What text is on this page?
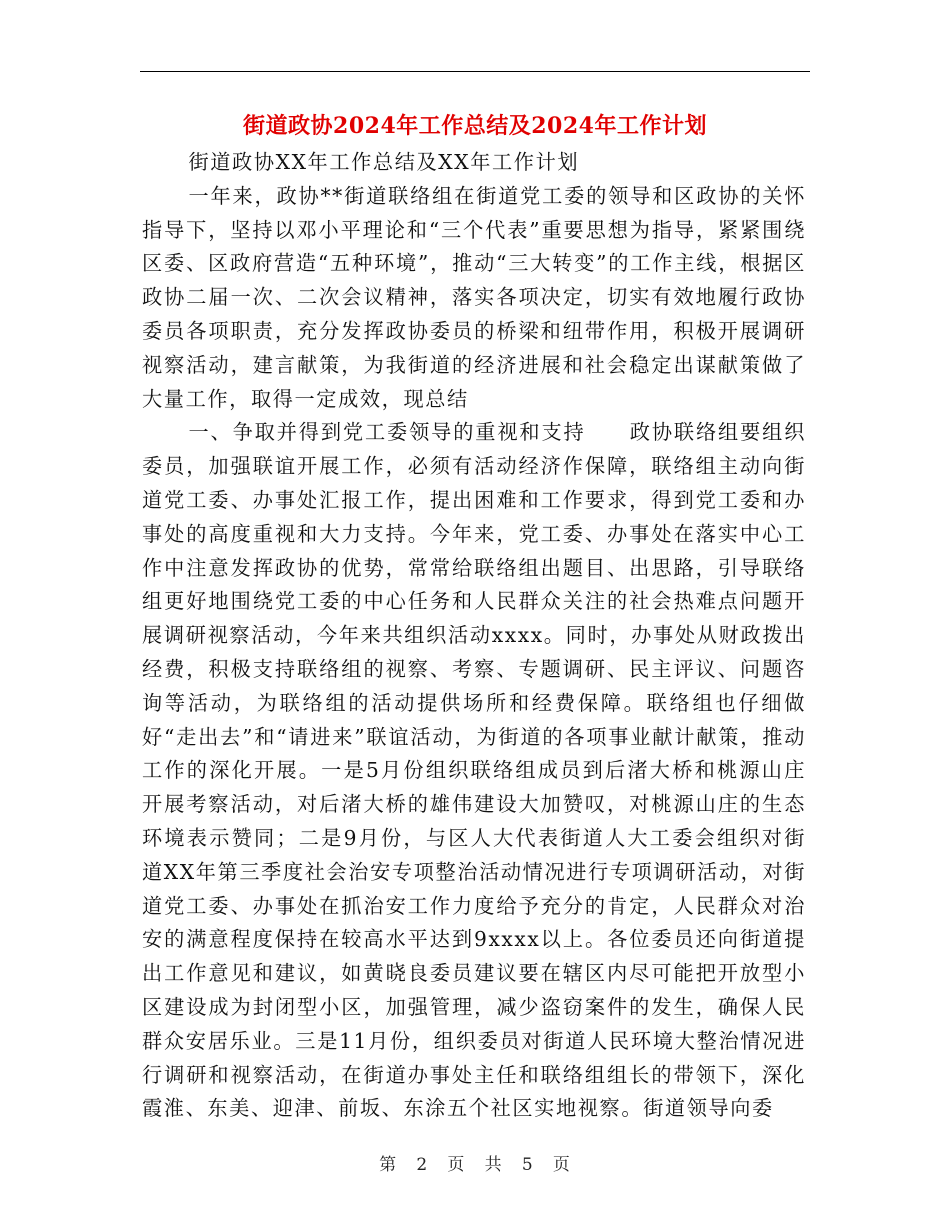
街道政协2024年工作总结及2024年工作计划

街道政协XX年工作总结及XX年工作计划

一年来，政协**街道联络组在街道党工委的领导和区政协的关怀指导下，坚持以邓小平理论和“三个代表”重要思想为指导，紧紧围绕区委、区政府营造“五种环境”，推动“三大转变”的工作主线，根据区政协二届一次、二次会议精神，落实各项决定，切实有效地履行政协委员各项职责，充分发挥政协委员的桥梁和纽带作用，积极开展调研视察活动，建言献策，为我街道的经济进展和社会稳定出谋献策做了大量工作，取得一定成效，现总结

一、争取并得到党工委领导的重视和支持　　政协联络组要组织委员，加强联谊开展工作，必须有活动经济作保障，联络组主动向街道党工委、办事处汇报工作，提出困难和工作要求，得到党工委和办事处的高度重视和大力支持。今年来，党工委、办事处在落实中心工作中注意发挥政协的优势，常常给联络组出题目、出思路，引导联络组更好地围绕党工委的中心任务和人民群众关注的社会热难点问题开展调研视察活动，今年来共组织活动xxxx。同时，办事处从财政拨出经费，积极支持联络组的视察、考察、专题调研、民主评议、问题咨询等活动，为联络组的活动提供场所和经费保障。联络组也仔细做好“走出去”和“请进来”联谊活动，为街道的各项事业献计献策，推动工作的深化开展。一是5月份组织联络组成员到后渚大桥和桃源山庄开展考察活动，对后渚大桥的雄伟建设大加赞叹，对桃源山庄的生态环境表示赞同；二是9月份，与区人大代表街道人大工委会组织对街道XX年第三季度社会治安专项整治活动情况进行专项调研活动，对街道党工委、办事处在抓治安工作力度给予充分的肯定，人民群众对治安的满意程度保持在较高水平达到9xxxx以上。各位委员还向街道提出工作意见和建议，如黄晓良委员建议要在辖区内尽可能把开放型小区建设成为封闭型小区，加强管理，减少盗窃案件的发生，确保人民群众安居乐业。三是11月份，组织委员对街道人民环境大整治情况进行调研和视察活动，在街道办事处主任和联络组组长的带领下，深化霞淮、东美、迎津、前坂、东涂五个社区实地视察。街道领导向委

第 2 页 共 5 页
